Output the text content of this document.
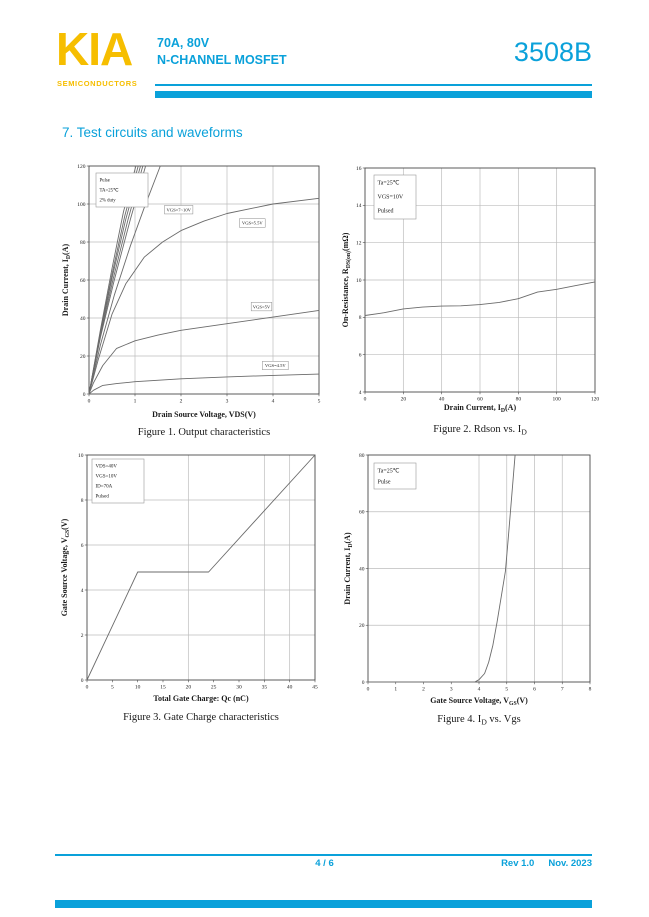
KIA
SEMICONDUCTORS
70A, 80V
N-CHANNEL MOSFET	3508B
7. Test circuits and waveforms
0	1	2	3	4	5
0
20
40
60
80
100
120
VGS=7~10V
VGS=5.5V
VGS=5V
VGS=4.5V
Pulse
TA=25℃
2% duty
Drain Source Voltage, VDS(V)
Drain Current, $I_D(A)$
Figure 1. Output characteristics
0	20	40	60	80	100	120
4
6
8
10
12
14
16
Ta=25℃
VGS=10V
Pulsed
Drain Current, $I_D(A)$
On-Resistance, $R_{DS(on)}(m\Omega)$
Figure 2. Rdson vs. $I_D$
0	5	10	15	20	25	30	35	40	45
0
2
4
6
8
10
VDS=40V
VGS=10V
ID=70A
Pulsed
Total Gate Charge: Qc (nC)
Gate Source Voltage, $V_{GS}(V)$
Figure 3. Gate Charge characteristics
0	1	2	3	4	5	6	7	8
0
20
40
60
80
Ta=25℃
Pulse
Gate Source Voltage, $V_{GS}(V)$
Drain Current, $I_D(A)$
Figure 4. $I_D$ vs. Vgs
4 / 6	Rev 1.0 Nov. 2023
